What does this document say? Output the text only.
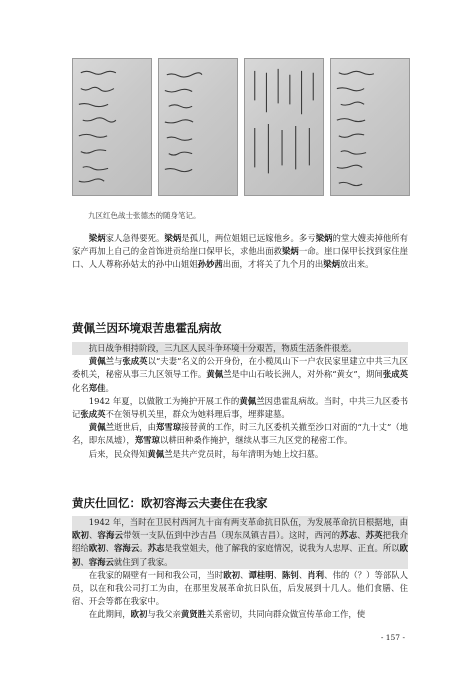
九区红色战士张德杰的随身笔记。

梁炳家人急得要死。梁炳是孤儿，两位姐姐已远嫁他乡。多亏梁炳的堂大嫂卖掉他所有家产再加上自己的金首饰进贡给崖口保甲长，求他出面救梁炳一命。崖口保甲长找到家住崖口、人人尊称孙姑太的孙中山姐姐孙妙茜出面，才将关了九个月的出梁炳放出来。

黄佩兰因环境艰苦患霍乱病故

抗日战争相持阶段，三九区人民斗争环境十分艰苦，物质生活条件很差。

黄佩兰与张成英以“夫妻”名义的公开身份，在小榄凤山下一户农民家里建立中共三九区委机关，秘密从事三九区领导工作。黄佩兰是中山石岐长洲人，对外称“黄女”，期间张成英化名郑佳。

1942 年夏，以做散工为掩护开展工作的黄佩兰因患霍乱病故。当时，中共三九区委书记张成英不在领导机关里，群众为她料理后事，埋葬建墓。

黄佩兰逝世后，由郑雪琼接替黄的工作，时三九区委机关撤至沙口对面的“九十丈”（地名，即东凤墟），郑雪琼以耕田种桑作掩护，继续从事三九区党的秘密工作。

后来，民众得知黄佩兰是共产党员时，每年清明为她上坟扫墓。

黄庆仕回忆：欧初容海云夫妻住在我家

1942 年，当时在卫民村西河九十亩有两支革命抗日队伍，为发展革命抗日根据地，由欧初、容海云带领一支队伍到中沙吉昌（现东凤镇吉昌）。这时，西河的苏志、苏英把我介绍给欧初、容海云。苏志是我堂姐夫，他了解我的家庭情况，说我为人忠厚、正直。所以欧初、容海云就住到了我家。

在我家的隔壁有一间和我公司，当时欧初、谭桂明、陈钊、肖利、伟的（？）等部队人员，以在和我公司打工为由，在那里发展革命抗日队伍，后发展到十几人。他们食膳、住宿、开会等都在我家中。

在此期间，欧初与我父亲黄贤胜关系密切，共同向群众做宣传革命工作，使

- 157 -
